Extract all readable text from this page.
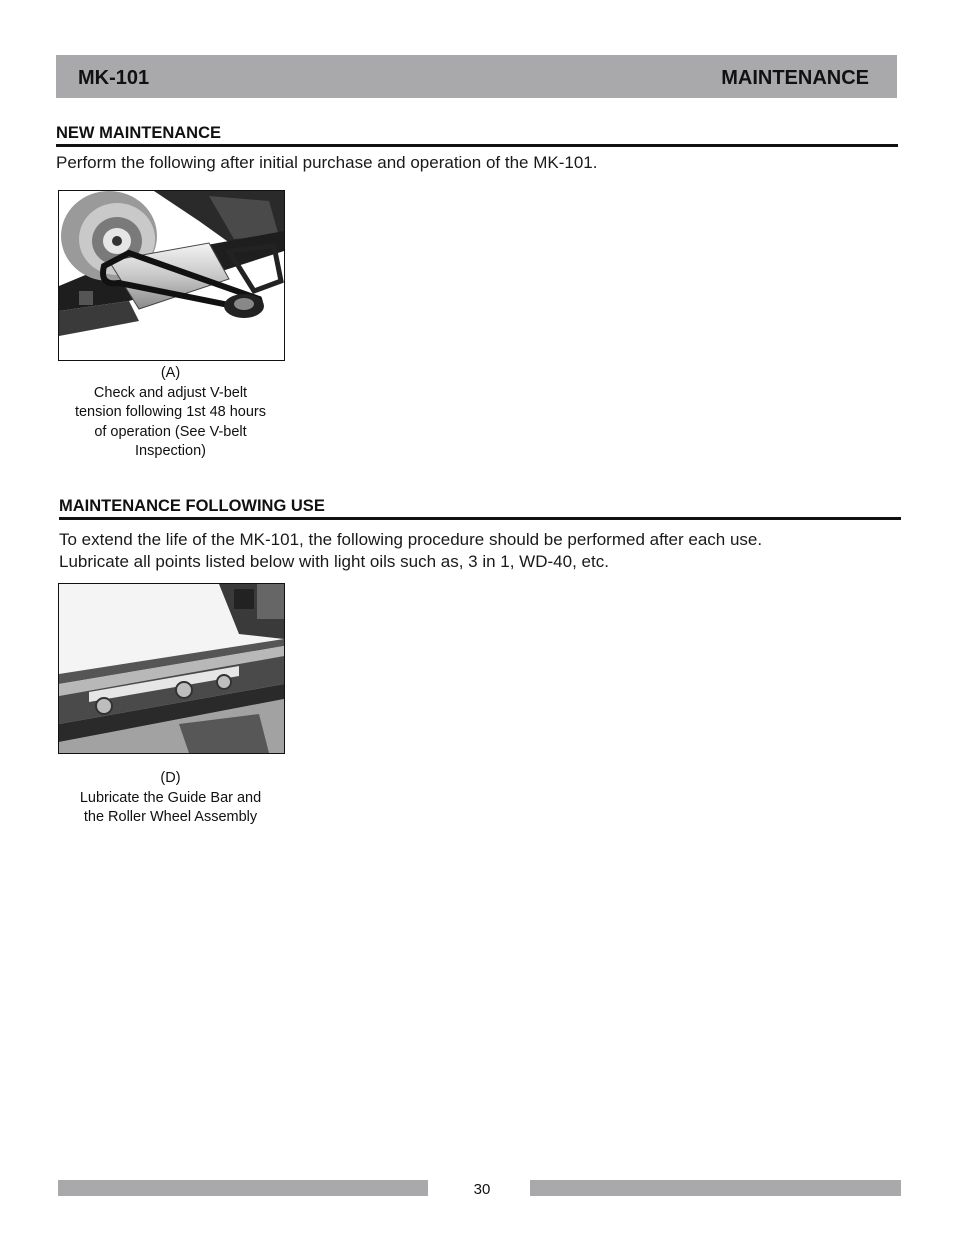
MK-101	MAINTENANCE
NEW MAINTENANCE
Perform the following after initial purchase and operation of the MK-101.
(A)
Check and adjust V-belt
tension following 1st 48 hours
of operation (See V-belt
Inspection)
MAINTENANCE FOLLOWING USE
To extend the life of the MK-101, the following procedure should be performed after each use.
Lubricate all points listed below with light oils such as, 3 in 1, WD-40, etc.
(D)
Lubricate the Guide Bar and
the Roller Wheel Assembly
30
